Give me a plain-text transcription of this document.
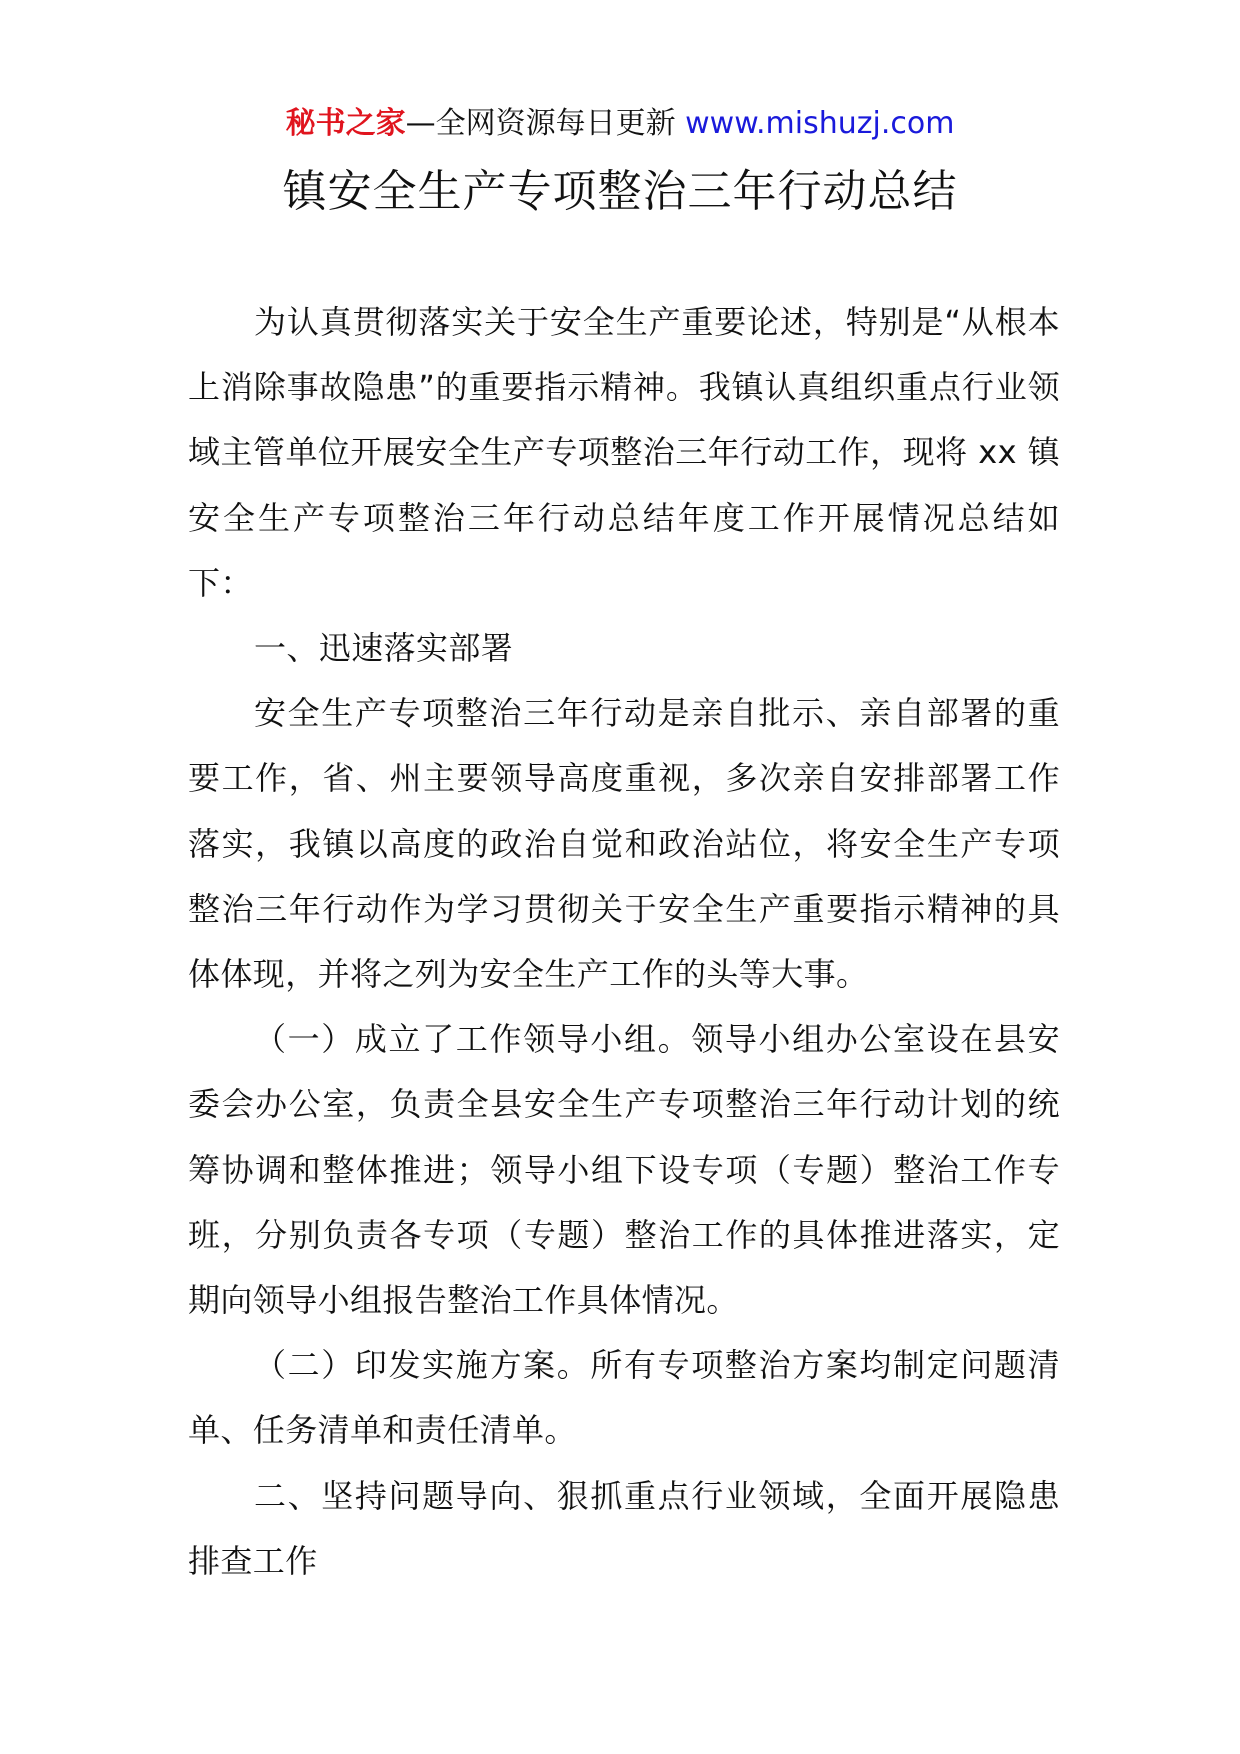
秘书之家—全网资源每日更新 www.mishuzj.com
镇安全生产专项整治三年行动总结

为认真贯彻落实关于安全生产重要论述，特别是“从根本上消除事故隐患”的重要指示精神。我镇认真组织重点行业领域主管单位开展安全生产专项整治三年行动工作，现将 xx 镇安全生产专项整治三年行动总结年度工作开展情况总结如下：

一、迅速落实部署

安全生产专项整治三年行动是亲自批示、亲自部署的重要工作，省、州主要领导高度重视，多次亲自安排部署工作落实，我镇以高度的政治自觉和政治站位，将安全生产专项整治三年行动作为学习贯彻关于安全生产重要指示精神的具体体现，并将之列为安全生产工作的头等大事。

（一）成立了工作领导小组。领导小组办公室设在县安委会办公室，负责全县安全生产专项整治三年行动计划的统筹协调和整体推进；领导小组下设专项（专题）整治工作专班，分别负责各专项（专题）整治工作的具体推进落实，定期向领导小组报告整治工作具体情况。

（二）印发实施方案。所有专项整治方案均制定问题清单、任务清单和责任清单。

二、坚持问题导向、狠抓重点行业领域，全面开展隐患排查工作
